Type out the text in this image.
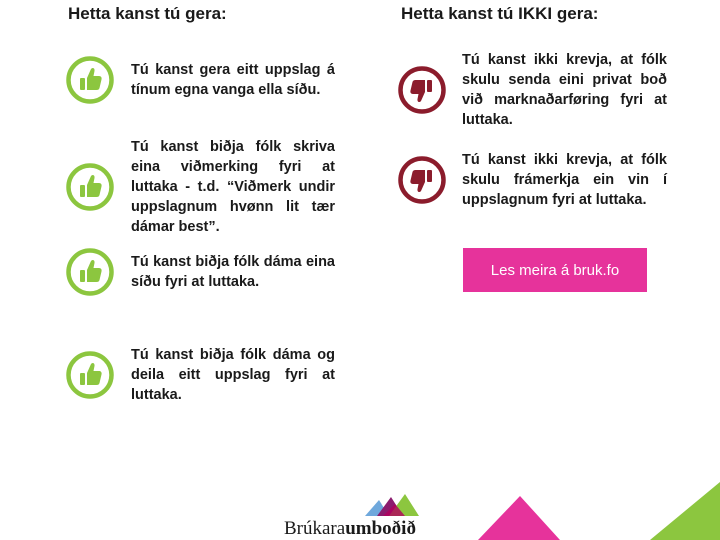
Hetta kanst tú gera:	Hetta kanst tú IKKI gera:
Tú kanst gera eitt uppslag á tínum egna vanga ella síðu.
Tú kanst biðja fólk skriva eina viðmerking fyri at luttaka - t.d. “Viðmerk undir uppslagnum hvønn lit tær dámar best”.
Tú kanst biðja fólk dáma eina síðu fyri at luttaka.
Tú kanst biðja fólk dáma og deila eitt uppslag fyri at luttaka.
Tú kanst ikki krevja, at fólk skulu senda eini privat boð við marknaðarføring fyri at luttaka.
Tú kanst ikki krevja, at fólk skulu frámerkja ein vin í uppslagnum fyri at luttaka.
Les meira á bruk.fo
Brúkaraumboðið
